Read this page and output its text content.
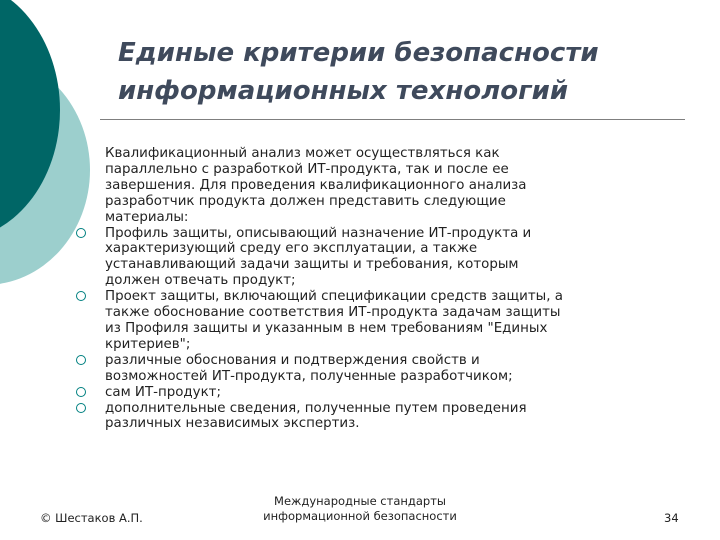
Единые критерии безопасности
информационных технологий
Квалификационный анализ может осуществляться как
параллельно с разработкой ИТ-продукта, так и после ее
завершения. Для проведения квалификационного анализа
разработчик продукта должен представить следующие
материалы:
Профиль защиты, описывающий назначение ИТ-продукта и
характеризующий среду его эксплуатации, а также
устанавливающий задачи защиты и требования, которым
должен отвечать продукт;
Проект защиты, включающий спецификации средств защиты, а
также обоснование соответствия ИТ-продукта задачам защиты
из Профиля защиты и указанным в нем требованиям "Единых
критериев";
различные обоснования и подтверждения свойств и
возможностей ИТ-продукта, полученные разработчиком;
сам ИТ-продукт;
дополнительные сведения, полученные путем проведения
различных независимых экспертиз.
© Шестаков А.П.
Международные стандарты
информационной безопасности	34
